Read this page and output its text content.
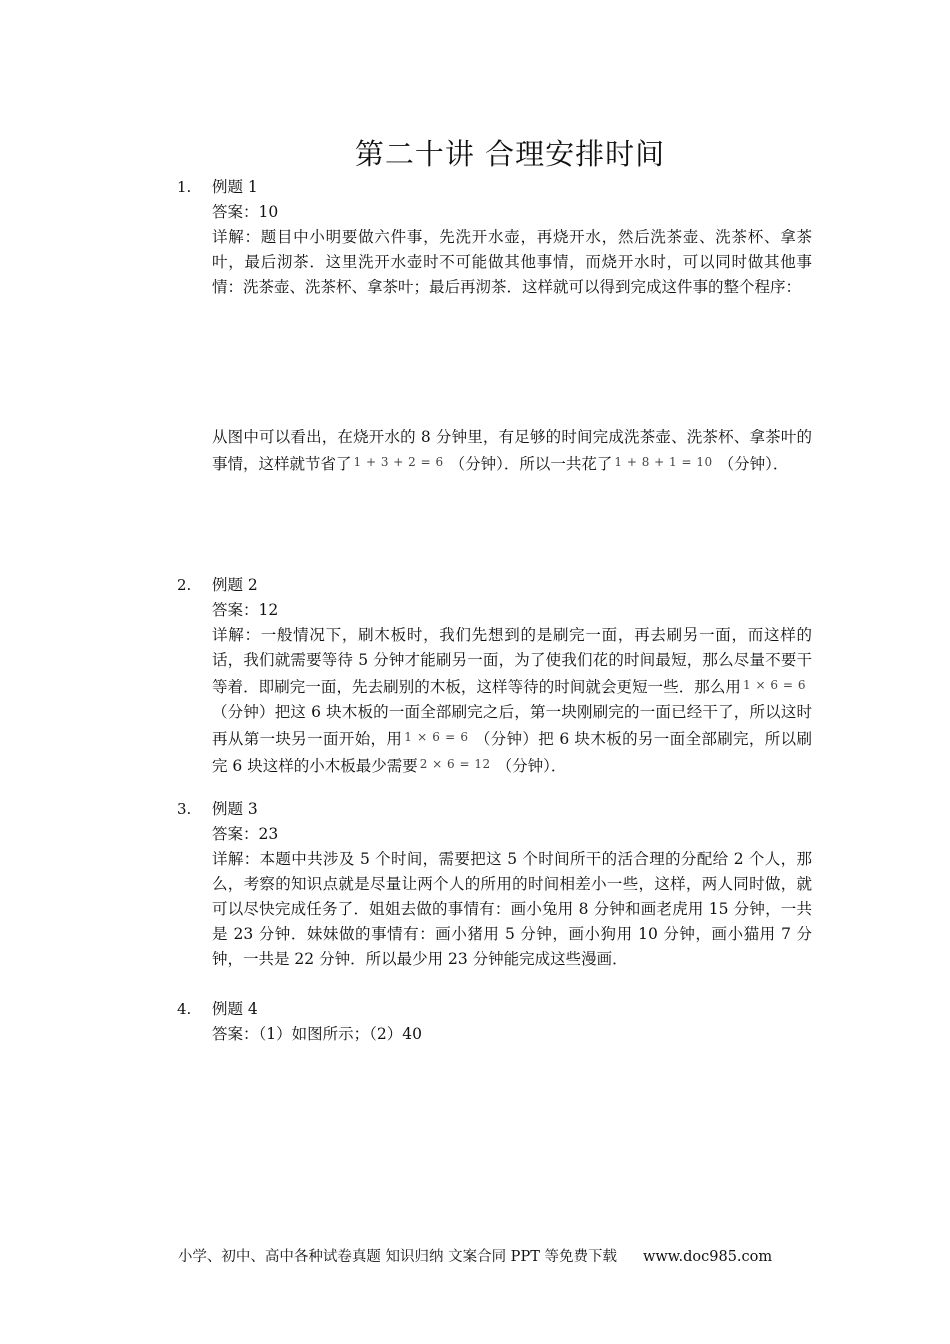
第二十讲 合理安排时间
1. 例题 1
答案：10
详解：题目中小明要做六件事，先洗开水壶，再烧开水，然后洗茶壶、洗茶杯、拿茶叶，最后沏茶．这里洗开水壶时不可能做其他事情，而烧开水时，可以同时做其他事情：洗茶壶、洗茶杯、拿茶叶；最后再沏茶．这样就可以得到完成这件事的整个程序：
从图中可以看出，在烧开水的 8 分钟里，有足够的时间完成洗茶壶、洗茶杯、拿茶叶的事情，这样就节省了 1 + 3 + 2 = 6 （分钟）．所以一共花了 1 + 8 + 1 = 10 （分钟）．
2. 例题 2
答案：12
详解：一般情况下，刷木板时，我们先想到的是刷完一面，再去刷另一面，而这样的话，我们就需要等待 5 分钟才能刷另一面，为了使我们花的时间最短，那么尽量不要干等着．即刷完一面，先去刷别的木板，这样等待的时间就会更短一些．那么用 1 × 6 = 6（分钟）把这 6 块木板的一面全部刷完之后，第一块刚刷完的一面已经干了，所以这时再从第一块另一面开始，用 1 × 6 = 6 （分钟）把 6 块木板的另一面全部刷完，所以刷完 6 块这样的小木板最少需要 2 × 6 = 12 （分钟）．
3. 例题 3
答案：23
详解：本题中共涉及 5 个时间，需要把这 5 个时间所干的活合理的分配给 2 个人，那么，考察的知识点就是尽量让两个人的所用的时间相差小一些，这样，两人同时做，就可以尽快完成任务了．姐姐去做的事情有：画小兔用 8 分钟和画老虎用 15 分钟，一共是 23 分钟．妹妹做的事情有：画小猪用 5 分钟，画小狗用 10 分钟，画小猫用 7 分钟，一共是 22 分钟．所以最少用 23 分钟能完成这些漫画．
4. 例题 4
答案：（1）如图所示；（2）40
小学、初中、高中各种试卷真题 知识归纳 文案合同 PPT 等免费下载 www.doc985.com
